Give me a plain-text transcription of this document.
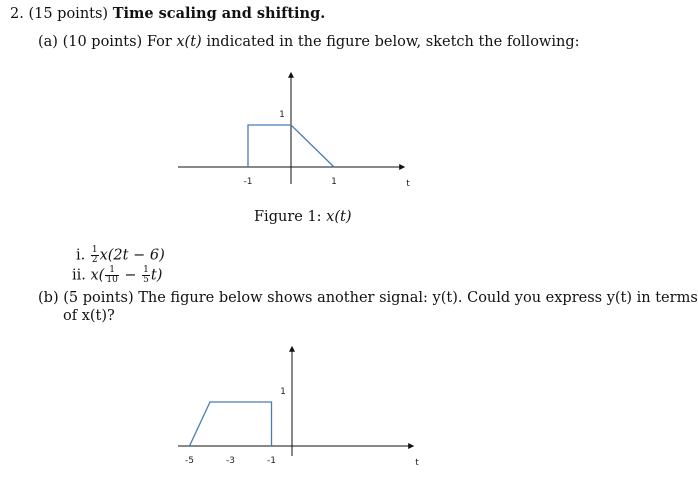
2. (15 points) Time scaling and shifting.
(a) (10 points) For x(t) indicated in the figure below, sketch the following:
-1	1
1
t
-5	-3	-1
1
t
Figure 1: x(t)
i. $\frac{1}{2} x(2t - 6)$
ii. $x( \frac{1}{10} - \frac{1}{5} t)$
(b) (5 points) The figure below shows another signal: y(t). Could you express y(t) in terms
of x(t)?
